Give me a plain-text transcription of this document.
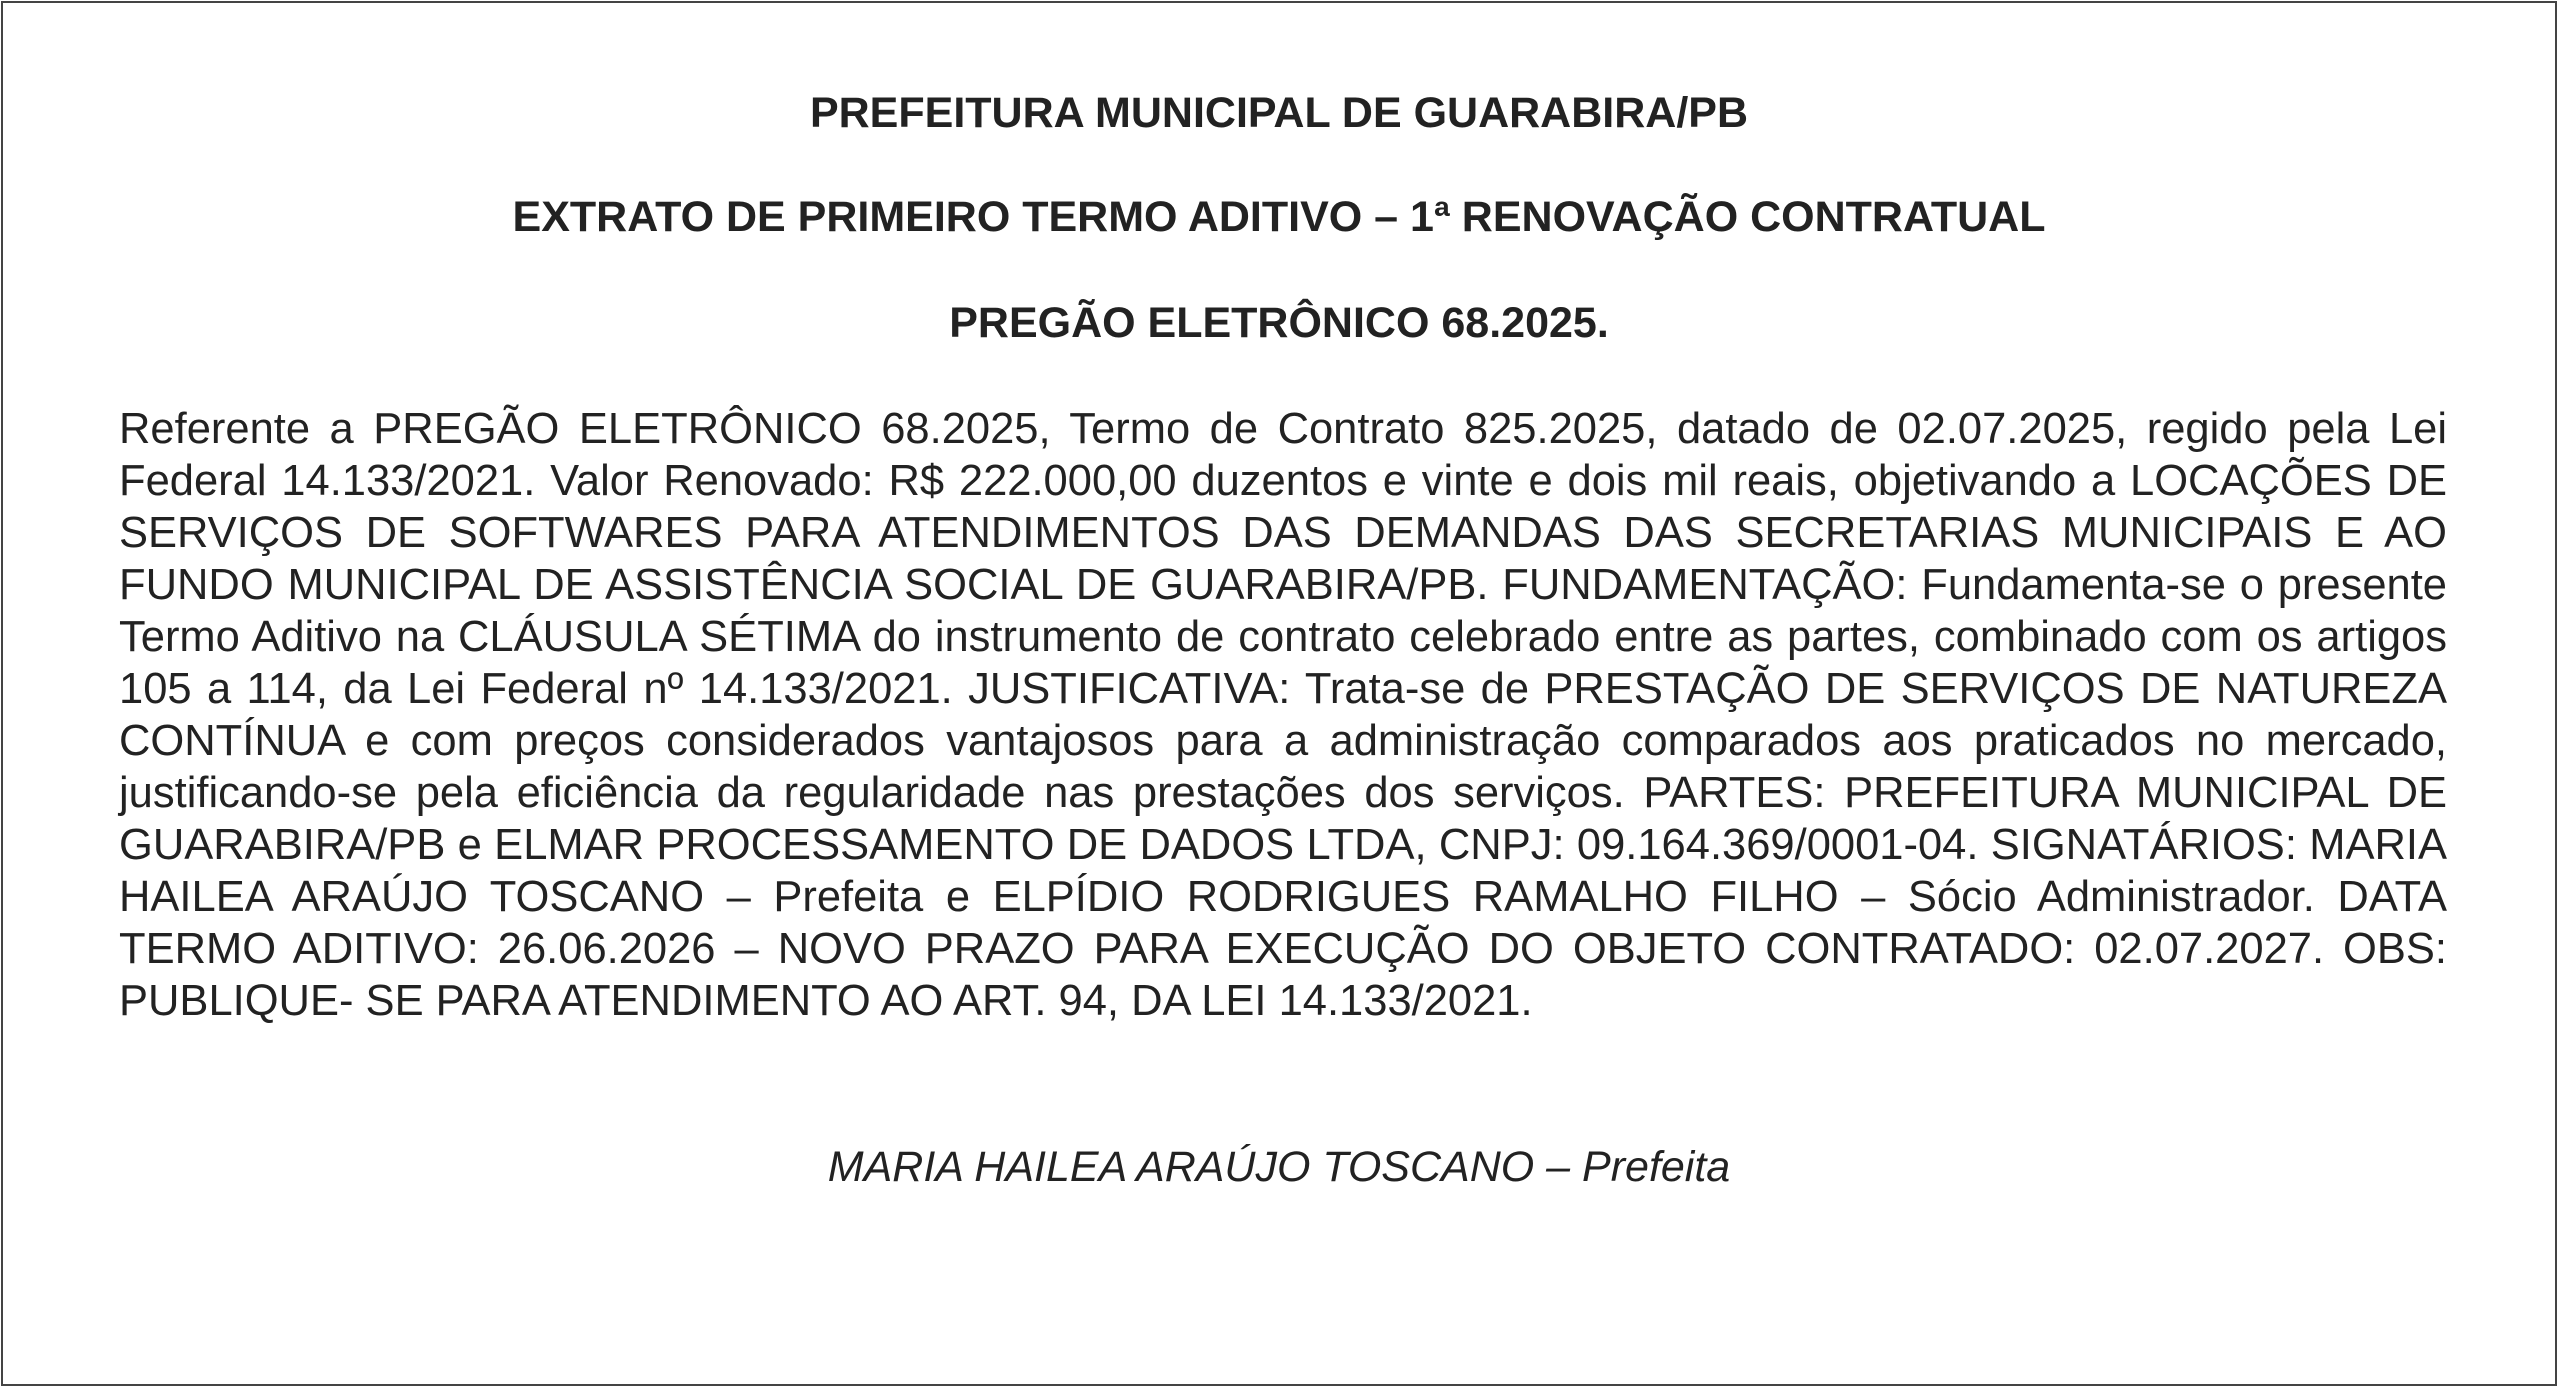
PREFEITURA MUNICIPAL DE GUARABIRA/PB
EXTRATO DE PRIMEIRO TERMO ADITIVO – 1ª RENOVAÇÃO CONTRATUAL
PREGÃO ELETRÔNICO 68.2025.
Referente a PREGÃO ELETRÔNICO 68.2025, Termo de Contrato 825.2025, datado de 02.07.2025, regido pela Lei Federal 14.133/2021. Valor Renovado: R$ 222.000,00 duzentos e vinte e dois mil reais, objetivando a LOCAÇÕES DE SERVIÇOS DE SOFTWARES PARA ATENDIMENTOS DAS DEMANDAS DAS SECRETARIAS MUNICIPAIS E AO FUNDO MUNICIPAL DE ASSISTÊNCIA SOCIAL DE GUARABIRA/PB. FUNDAMENTAÇÃO: Fundamenta-se o presente Termo Aditivo na CLÁUSULA SÉTIMA do instrumento de contrato celebrado entre as partes, combinado com os artigos 105 a 114, da Lei Federal nº 14.133/2021. JUSTIFICATIVA: Trata-se de PRESTAÇÃO DE SERVIÇOS DE NATUREZA CONTÍNUA e com preços considerados vantajosos para a administração comparados aos praticados no mercado, justificando-se pela eficiência da regularidade nas prestações dos serviços. PARTES: PREFEITURA MUNICIPAL DE GUARABIRA/PB e ELMAR PROCESSAMENTO DE DADOS LTDA, CNPJ: 09.164.369/0001-04. SIGNATÁRIOS: MARIA HAILEA ARAÚJO TOSCANO – Prefeita e ELPÍDIO RODRIGUES RAMALHO FILHO – Sócio Administrador. DATA TERMO ADITIVO: 26.06.2026 – NOVO PRAZO PARA EXECUÇÃO DO OBJETO CONTRATADO: 02.07.2027. OBS: PUBLIQUE- SE PARA ATENDIMENTO AO ART. 94, DA LEI 14.133/2021.
MARIA HAILEA ARAÚJO TOSCANO – Prefeita
